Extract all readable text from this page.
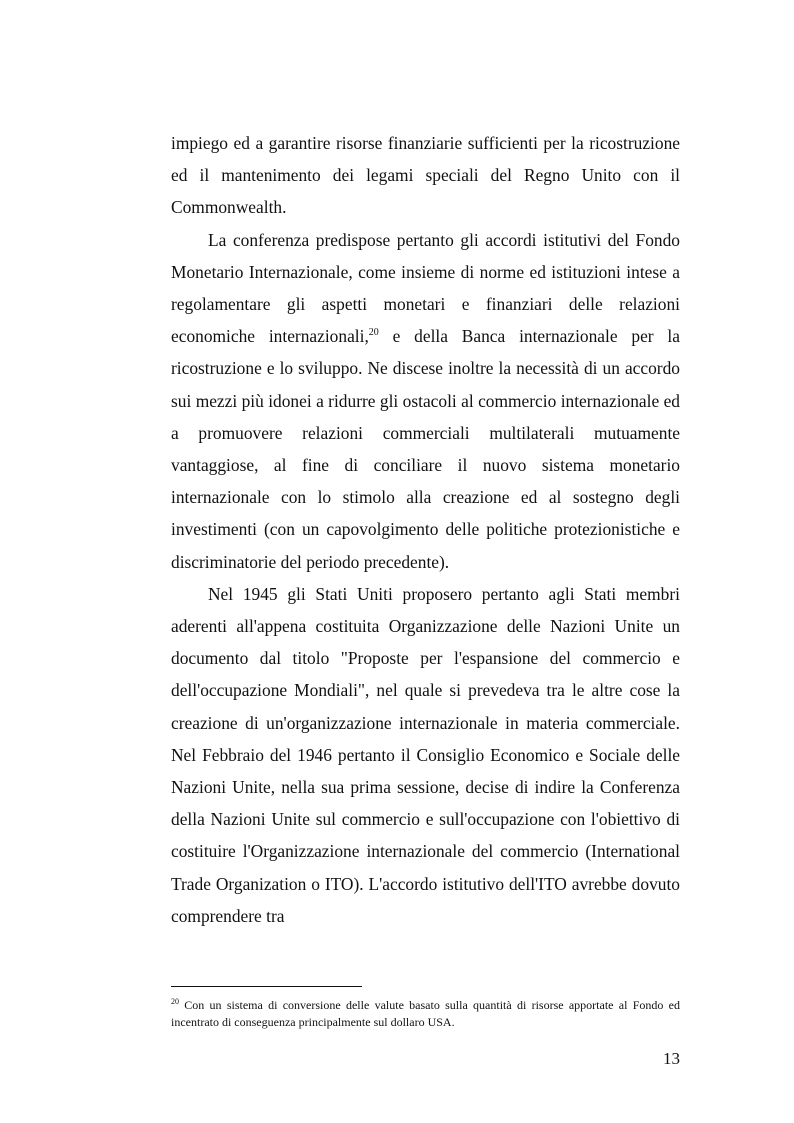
impiego ed a garantire risorse finanziarie sufficienti per la ricostruzione ed il mantenimento dei legami speciali del Regno Unito con il Commonwealth.

La conferenza predispose pertanto gli accordi istitutivi del Fondo Monetario Internazionale, come insieme di norme ed istituzioni intese a regolamentare gli aspetti monetari e finanziari delle relazioni economiche internazionali,$^{20}$ e della Banca internazionale per la ricostruzione e lo sviluppo. Ne discese inoltre la necessità di un accordo sui mezzi più idonei a ridurre gli ostacoli al commercio internazionale ed a promuovere relazioni commerciali multilaterali mutuamente vantaggiose, al fine di conciliare il nuovo sistema monetario internazionale con lo stimolo alla creazione ed al sostegno degli investimenti (con un capovolgimento delle politiche protezionistiche e discriminatorie del periodo precedente).

Nel 1945 gli Stati Uniti proposero pertanto agli Stati membri aderenti all'appena costituita Organizzazione delle Nazioni Unite un documento dal titolo "Proposte per l'espansione del commercio e dell'occupazione Mondiali", nel quale si prevedeva tra le altre cose la creazione di un'organizzazione internazionale in materia commerciale. Nel Febbraio del 1946 pertanto il Consiglio Economico e Sociale delle Nazioni Unite, nella sua prima sessione, decise di indire la Conferenza della Nazioni Unite sul commercio e sull'occupazione con l'obiettivo di costituire l'Organizzazione internazionale del commercio (International Trade Organization o ITO). L'accordo istitutivo dell'ITO avrebbe dovuto comprendere tra

$^{20}$ Con un sistema di conversione delle valute basato sulla quantità di risorse apportate al Fondo ed incentrato di conseguenza principalmente sul dollaro USA.

13
